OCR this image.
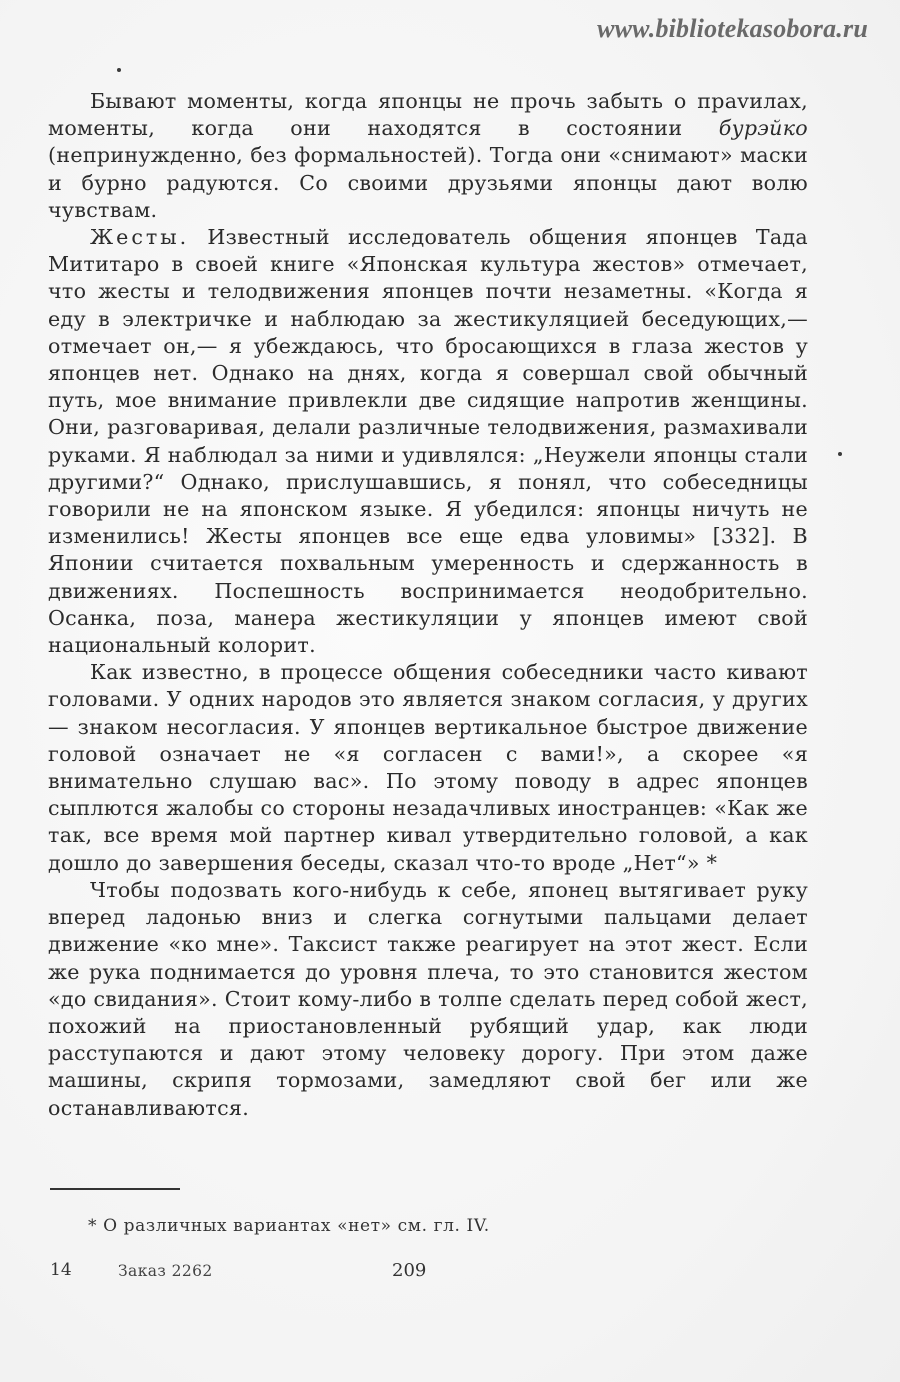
www.bibliotekasobora.ru

Бывают моменты, когда японцы не прочь забыть о праvилах, моменты, когда они находятся в состоянии бурэйко (непринужденно, без формальностей). Тогда они «снимают» маски и бурно радуются. Со своими друзьями японцы дают волю чувствам.

Жесты. Известный исследователь общения японцев Тада Мититаро в своей книге «Японская культура жестов» отмечает, что жесты и телодвижения японцев почти незаметны. «Когда я еду в электричке и наблюдаю за жестикуляцией беседующих,— отмечает он,— я убеждаюсь, что бросающихся в глаза жестов у японцев нет. Однако на днях, когда я совершал свой обычный путь, мое внимание привлекли две сидящие напротив женщины. Они, разговаривая, делали различные телодвижения, размахивали руками. Я наблюдал за ними и удивлялся: „Неужели японцы стали другими?“ Однако, прислушавшись, я понял, что собеседницы говорили не на японском языке. Я убедился: японцы ничуть не изменились! Жесты японцев все еще едва уловимы» [332]. В Японии считается похвальным умеренность и сдержанность в движениях. Поспешность воспринимается неодобрительно. Осанка, поза, манера жестикуляции у японцев имеют свой национальный колорит.

Как известно, в процессе общения собеседники часто кивают головами. У одних народов это является знаком согласия, у других — знаком несогласия. У японцев вертикальное быстрое движение головой означает не «я согласен с вами!», а скорее «я внимательно слушаю вас». По этому поводу в адрес японцев сыплются жалобы со стороны незадачливых иностранцев: «Как же так, все время мой партнер кивал утвердительно головой, а как дошло до завершения беседы, сказал что-то вроде „Нет“» *

Чтобы подозвать кого-нибудь к себе, японец вытягивает руку вперед ладонью вниз и слегка согнутыми пальцами делает движение «ко мне». Таксист также реагирует на этот жест. Если же рука поднимается до уровня плеча, то это становится жестом «до свидания». Стоит кому-либо в толпе сделать перед собой жест, похожий на приостановленный рубящий удар, как люди расступаются и дают этому человеку дорогу. При этом даже машины, скрипя тормозами, замедляют свой бег или же останавливаются.

* О различных вариантах «нет» см. гл. IV.
14	Заказ 2262	209
